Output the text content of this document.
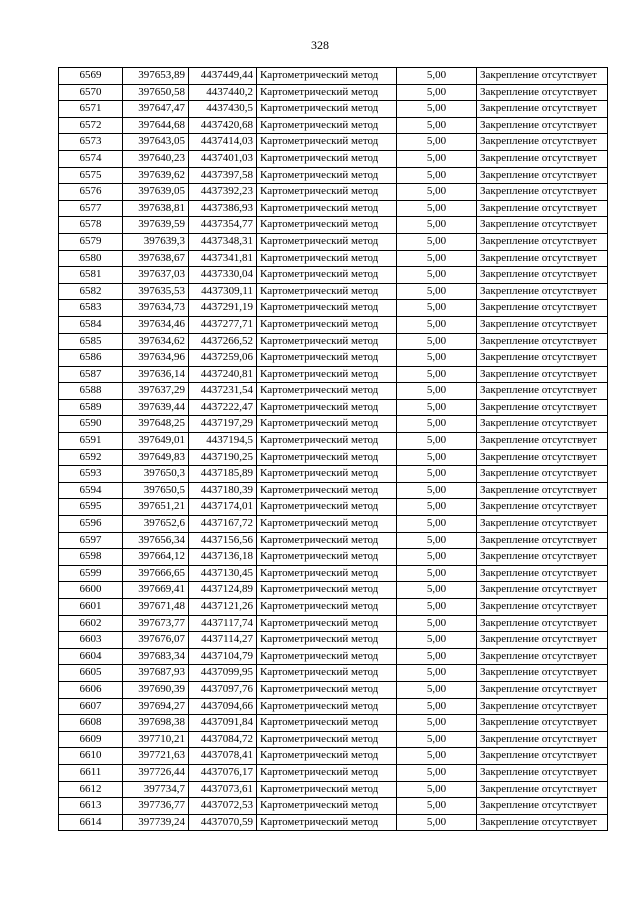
328
6569	397653,89	4437449,44	Картометрический метод	5,00	Закрепление отсутствует
6570	397650,58	4437440,2	Картометрический метод	5,00	Закрепление отсутствует
6571	397647,47	4437430,5	Картометрический метод	5,00	Закрепление отсутствует
6572	397644,68	4437420,68	Картометрический метод	5,00	Закрепление отсутствует
6573	397643,05	4437414,03	Картометрический метод	5,00	Закрепление отсутствует
6574	397640,23	4437401,03	Картометрический метод	5,00	Закрепление отсутствует
6575	397639,62	4437397,58	Картометрический метод	5,00	Закрепление отсутствует
6576	397639,05	4437392,23	Картометрический метод	5,00	Закрепление отсутствует
6577	397638,81	4437386,93	Картометрический метод	5,00	Закрепление отсутствует
6578	397639,59	4437354,77	Картометрический метод	5,00	Закрепление отсутствует
6579	397639,3	4437348,31	Картометрический метод	5,00	Закрепление отсутствует
6580	397638,67	4437341,81	Картометрический метод	5,00	Закрепление отсутствует
6581	397637,03	4437330,04	Картометрический метод	5,00	Закрепление отсутствует
6582	397635,53	4437309,11	Картометрический метод	5,00	Закрепление отсутствует
6583	397634,73	4437291,19	Картометрический метод	5,00	Закрепление отсутствует
6584	397634,46	4437277,71	Картометрический метод	5,00	Закрепление отсутствует
6585	397634,62	4437266,52	Картометрический метод	5,00	Закрепление отсутствует
6586	397634,96	4437259,06	Картометрический метод	5,00	Закрепление отсутствует
6587	397636,14	4437240,81	Картометрический метод	5,00	Закрепление отсутствует
6588	397637,29	4437231,54	Картометрический метод	5,00	Закрепление отсутствует
6589	397639,44	4437222,47	Картометрический метод	5,00	Закрепление отсутствует
6590	397648,25	4437197,29	Картометрический метод	5,00	Закрепление отсутствует
6591	397649,01	4437194,5	Картометрический метод	5,00	Закрепление отсутствует
6592	397649,83	4437190,25	Картометрический метод	5,00	Закрепление отсутствует
6593	397650,3	4437185,89	Картометрический метод	5,00	Закрепление отсутствует
6594	397650,5	4437180,39	Картометрический метод	5,00	Закрепление отсутствует
6595	397651,21	4437174,01	Картометрический метод	5,00	Закрепление отсутствует
6596	397652,6	4437167,72	Картометрический метод	5,00	Закрепление отсутствует
6597	397656,34	4437156,56	Картометрический метод	5,00	Закрепление отсутствует
6598	397664,12	4437136,18	Картометрический метод	5,00	Закрепление отсутствует
6599	397666,65	4437130,45	Картометрический метод	5,00	Закрепление отсутствует
6600	397669,41	4437124,89	Картометрический метод	5,00	Закрепление отсутствует
6601	397671,48	4437121,26	Картометрический метод	5,00	Закрепление отсутствует
6602	397673,77	4437117,74	Картометрический метод	5,00	Закрепление отсутствует
6603	397676,07	4437114,27	Картометрический метод	5,00	Закрепление отсутствует
6604	397683,34	4437104,79	Картометрический метод	5,00	Закрепление отсутствует
6605	397687,93	4437099,95	Картометрический метод	5,00	Закрепление отсутствует
6606	397690,39	4437097,76	Картометрический метод	5,00	Закрепление отсутствует
6607	397694,27	4437094,66	Картометрический метод	5,00	Закрепление отсутствует
6608	397698,38	4437091,84	Картометрический метод	5,00	Закрепление отсутствует
6609	397710,21	4437084,72	Картометрический метод	5,00	Закрепление отсутствует
6610	397721,63	4437078,41	Картометрический метод	5,00	Закрепление отсутствует
6611	397726,44	4437076,17	Картометрический метод	5,00	Закрепление отсутствует
6612	397734,7	4437073,61	Картометрический метод	5,00	Закрепление отсутствует
6613	397736,77	4437072,53	Картометрический метод	5,00	Закрепление отсутствует
6614	397739,24	4437070,59	Картометрический метод	5,00	Закрепление отсутствует
